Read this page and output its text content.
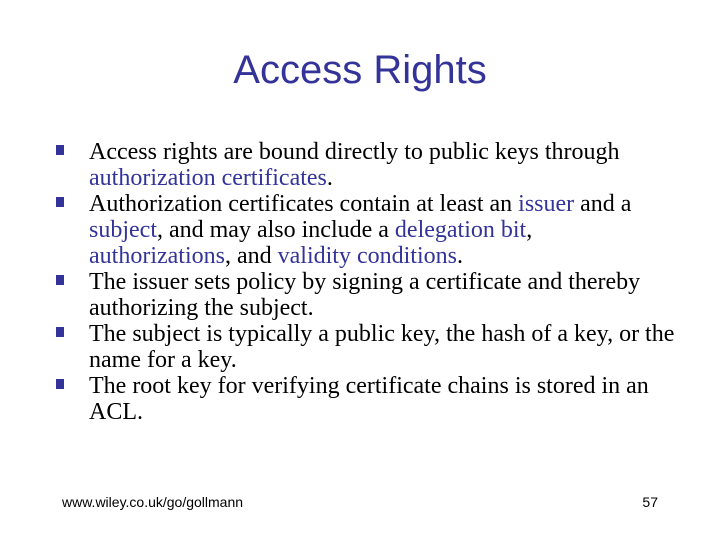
Access Rights
Access rights are bound directly to public keys through authorization certificates.
Authorization certificates contain at least an issuer and a subject, and may also include a delegation bit, authorizations, and validity conditions.
The issuer sets policy by signing a certificate and thereby authorizing the subject.
The subject is typically a public key, the hash of a key, or the name for a key.
The root key for verifying certificate chains is stored in an ACL.
www.wiley.co.uk/go/gollmann	57
